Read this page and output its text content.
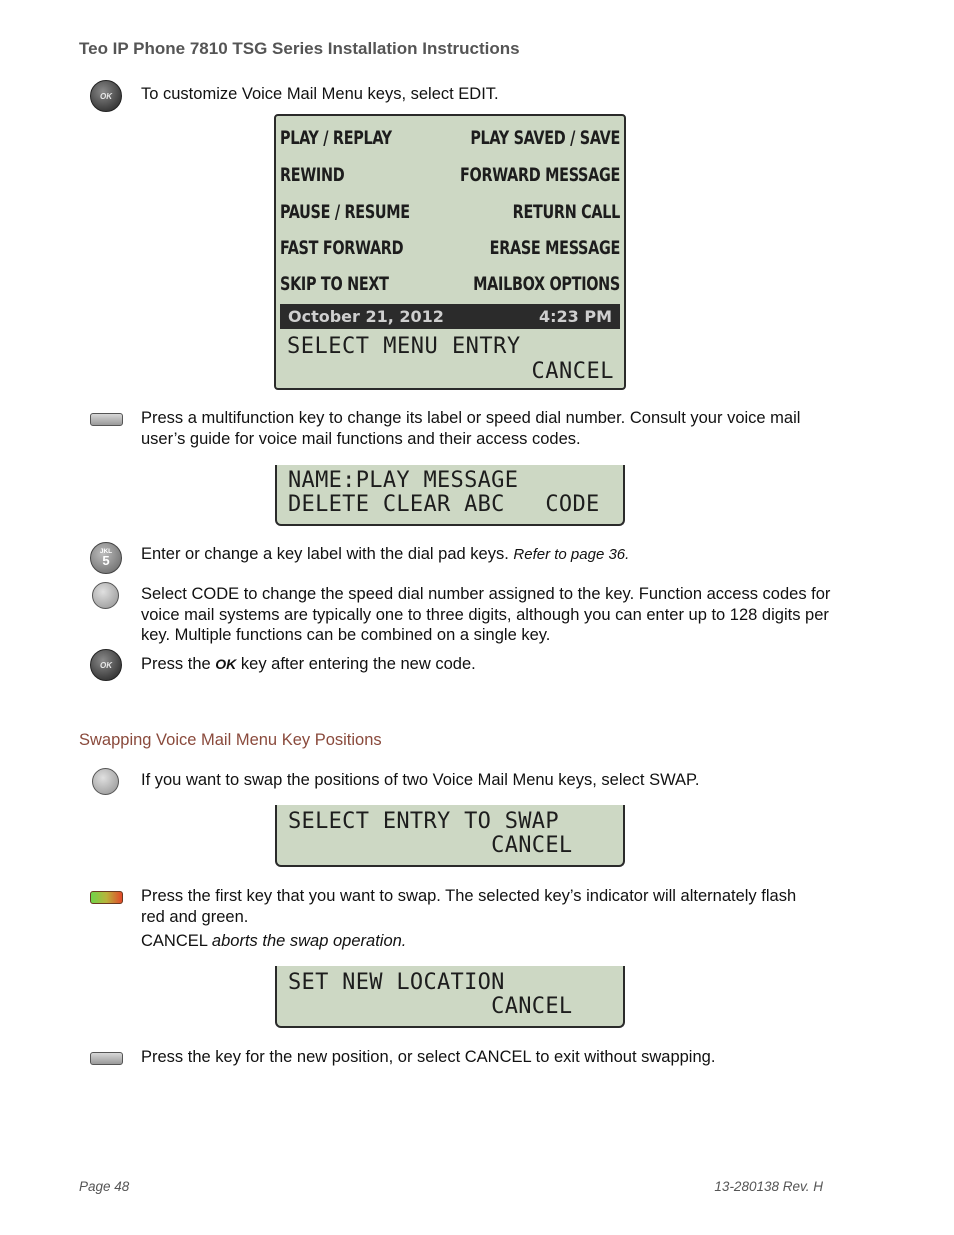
Teo IP Phone 7810 TSG Series Installation Instructions
OK To customize Voice Mail Menu keys, select EDIT.
PLAY / REPLAY	PLAY SAVED / SAVE
REWIND	FORWARD MESSAGE
PAUSE / RESUME	RETURN CALL
FAST FORWARD	ERASE MESSAGE
SKIP TO NEXT	MAILBOX OPTIONS
October 21, 2012	4:23 PM
SELECT MENU ENTRY
CANCEL
Press a multifunction key to change its label or speed dial number. Consult your voice mail user’s guide for voice mail functions and their access codes.
NAME:PLAY MESSAGE
DELETE CLEAR ABC   CODE
JKL
5	Enter or change a key label with the dial pad keys. Refer to page 36.
Select CODE to change the speed dial number assigned to the key. Function access codes for voice mail systems are typically one to three digits, although you can enter up to 128 digits per key. Multiple functions can be combined on a single key.
OK Press the OK key after entering the new code.
Swapping Voice Mail Menu Key Positions
If you want to swap the positions of two Voice Mail Menu keys, select SWAP.
SELECT ENTRY TO SWAP
CANCEL
Press the first key that you want to swap. The selected key’s indicator will alternately flash red and green.
CANCEL aborts the swap operation.
SET NEW LOCATION
CANCEL
Press the key for the new position, or select CANCEL to exit without swapping.
Page 48	13-280138 Rev. H
